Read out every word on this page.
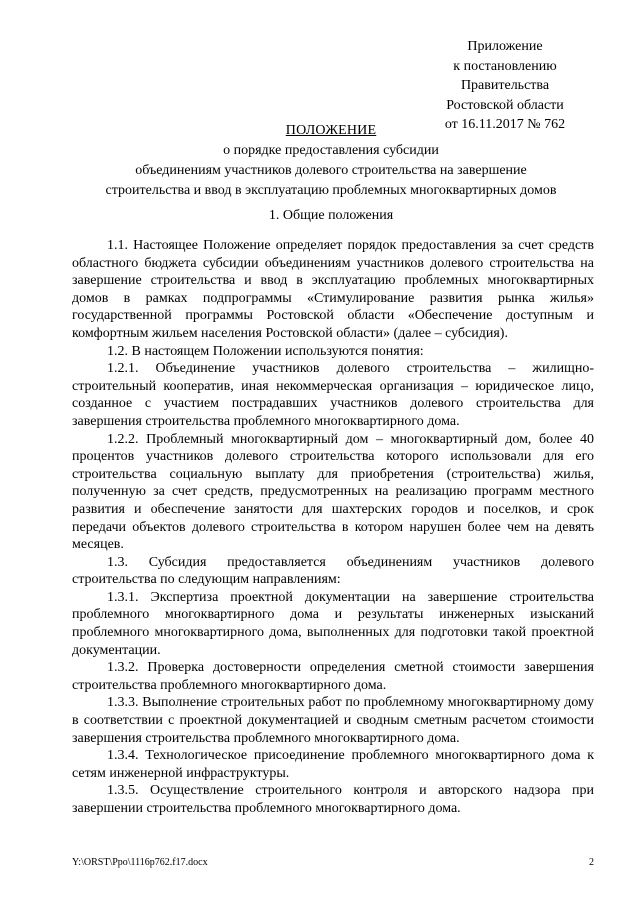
Приложение
к постановлению
Правительства
Ростовской области
от 16.11.2017 № 762
ПОЛОЖЕНИЕ
о порядке предоставления субсидии
объединениям участников долевого строительства на завершение
строительства и ввод в эксплуатацию проблемных многоквартирных домов
1. Общие положения

1.1. Настоящее Положение определяет порядок предоставления за счет средств областного бюджета субсидии объединениям участников долевого строительства на завершение строительства и ввод в эксплуатацию проблемных многоквартирных домов в рамках подпрограммы «Стимулирование развития рынка жилья» государственной программы Ростовской области «Обеспечение доступным и комфортным жильем населения Ростовской области» (далее – субсидия).

1.2. В настоящем Положении используются понятия:

1.2.1. Объединение участников долевого строительства – жилищно-строительный кооператив, иная некоммерческая организация – юридическое лицо, созданное с участием пострадавших участников долевого строительства для завершения строительства проблемного многоквартирного дома.

1.2.2. Проблемный многоквартирный дом – многоквартирный дом, более 40 процентов участников долевого строительства которого использовали для его строительства социальную выплату для приобретения (строительства) жилья, полученную за счет средств, предусмотренных на реализацию программ местного развития и обеспечение занятости для шахтерских городов и поселков, и срок передачи объектов долевого строительства в котором нарушен более чем на девять месяцев.

1.3. Субсидия предоставляется объединениям участников долевого строительства по следующим направлениям:

1.3.1. Экспертиза проектной документации на завершение строительства проблемного многоквартирного дома и результаты инженерных изысканий проблемного многоквартирного дома, выполненных для подготовки такой проектной документации.

1.3.2. Проверка достоверности определения сметной стоимости завершения строительства проблемного многоквартирного дома.

1.3.3. Выполнение строительных работ по проблемному многоквартирному дому в соответствии с проектной документацией и сводным сметным расчетом стоимости завершения строительства проблемного многоквартирного дома.

1.3.4. Технологическое присоединение проблемного многоквартирного дома к сетям инженерной инфраструктуры.

1.3.5. Осуществление строительного контроля и авторского надзора при завершении строительства проблемного многоквартирного дома.

Y:\ORST\Ppo\1116p762.f17.docx	2
